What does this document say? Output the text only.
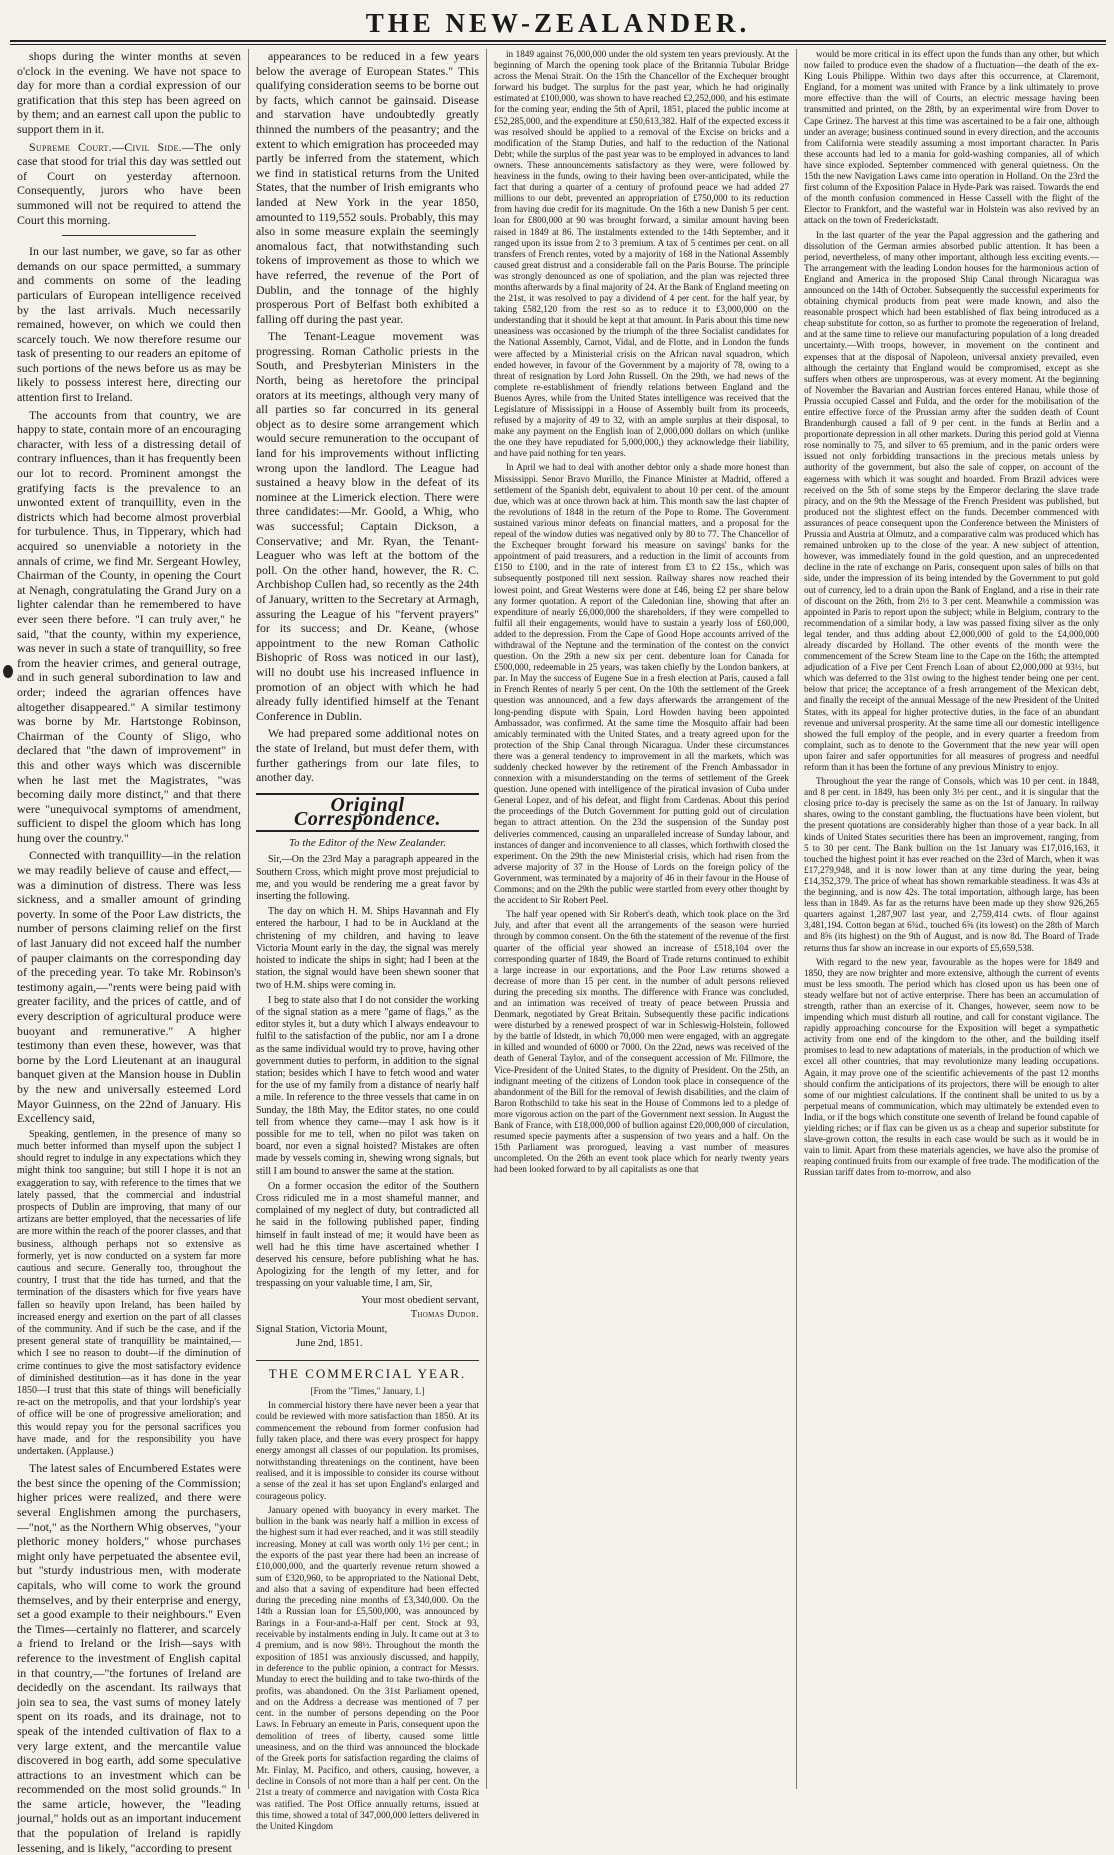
THE NEW-ZEALANDER.

shops during the winter months at seven o'clock in the evening. We have not space to day for more than a cordial expression of our gratification that this step has been agreed on by them; and an earnest call upon the public to support them in it.

Supreme Court.—Civil Side.—The only case that stood for trial this day was settled out of Court on yesterday afternoon. Consequently, jurors who have been summoned will not be required to attend the Court this morning.

In our last number, we gave, so far as other demands on our space permitted, a summary and comments on some of the leading particulars of European intelligence received by the last arrivals. Much necessarily remained, however, on which we could then scarcely touch. We now therefore resume our task of presenting to our readers an epitome of such portions of the news before us as may be likely to possess interest here, directing our attention first to Ireland.

The accounts from that country, we are happy to state, contain more of an encouraging character, with less of a distressing detail of contrary influences, than it has frequently been our lot to record. Prominent amongst the gratifying facts is the prevalence to an unwonted extent of tranquillity, even in the districts which had become almost proverbial for turbulence. Thus, in Tipperary, which had acquired so unenviable a notoriety in the annals of crime, we find Mr. Sergeant Howley, Chairman of the County, in opening the Court at Nenagh, congratulating the Grand Jury on a lighter calendar than he remembered to have ever seen there before. "I can truly aver," he said, "that the county, within my experience, was never in such a state of tranquillity, so free from the heavier crimes, and general outrage, and in such general subordination to law and order; indeed the agrarian offences have altogether disappeared." A similar testimony was borne by Mr. Hartstonge Robinson, Chairman of the County of Sligo, who declared that "the dawn of improvement" in this and other ways which was discernible when he last met the Magistrates, "was becoming daily more distinct," and that there were "unequivocal symptoms of amendment, sufficient to dispel the gloom which has long hung over the country."

Connected with tranquillity—in the relation we may readily believe of cause and effect,—was a diminution of distress. There was less sickness, and a smaller amount of grinding poverty. In some of the Poor Law districts, the number of persons claiming relief on the first of last January did not exceed half the number of pauper claimants on the corresponding day of the preceding year. To take Mr. Robinson's testimony again,—"rents were being paid with greater facility, and the prices of cattle, and of every description of agricultural produce were buoyant and remunerative." A higher testimony than even these, however, was that borne by the Lord Lieutenant at an inaugural banquet given at the Mansion house in Dublin by the new and universally esteemed Lord Mayor Guinness, on the 22nd of January. His Excellency said,

Speaking, gentlemen, in the presence of many so much better informed than myself upon the subject I should regret to indulge in any expectations which they might think too sanguine; but still I hope it is not an exaggeration to say, with reference to the times that we lately passed, that the commercial and industrial prospects of Dublin are improving, that many of our artizans are better employed, that the necessaries of life are more within the reach of the poorer classes, and that business, although perhaps not so extensive as formerly, yet is now conducted on a system far more cautious and secure. Generally too, throughout the country, I trust that the tide has turned, and that the termination of the disasters which for five years have fallen so heavily upon Ireland, has been hailed by increased energy and exertion on the part of all classes of the community. And if such be the case, and if the present general state of tranquillity be maintained,—which I see no reason to doubt—if the diminution of crime continues to give the most satisfactory evidence of diminished destitution—as it has done in the year 1850—I trust that this state of things will beneficially re-act on the metropolis, and that your lordship's year of office will be one of progressive amelioration; and this would repay you for the personal sacrifices you have made, and for the responsibility you have undertaken. (Applause.)

The latest sales of Encumbered Estates were the best since the opening of the Commission; higher prices were realized, and there were several Englishmen among the purchasers,—"not," as the Northern Whig observes, "your plethoric money holders," whose purchases might only have perpetuated the absentee evil, but "sturdy industrious men, with moderate capitals, who will come to work the ground themselves, and by their enterprise and energy, set a good example to their neighbours." Even the Times—certainly no flatterer, and scarcely a friend to Ireland or the Irish—says with reference to the investment of English capital in that country,—"the fortunes of Ireland are decidedly on the ascendant. Its railways that join sea to sea, the vast sums of money lately spent on its roads, and its drainage, not to speak of the intended cultivation of flax to a very large extent, and the mercantile value discovered in bog earth, add some speculative attractions to an investment which can be recommended on the most solid grounds." In the same article, however, the "leading journal," holds out as an important inducement that the population of Ireland is rapidly lessening, and is likely, "according to present

appearances to be reduced in a few years below the average of European States." This qualifying consideration seems to be borne out by facts, which cannot be gainsaid. Disease and starvation have undoubtedly greatly thinned the numbers of the peasantry; and the extent to which emigration has proceeded may partly be inferred from the statement, which we find in statistical returns from the United States, that the number of Irish emigrants who landed at New York in the year 1850, amounted to 119,552 souls. Probably, this may also in some measure explain the seemingly anomalous fact, that notwithstanding such tokens of improvement as those to which we have referred, the revenue of the Port of Dublin, and the tonnage of the highly prosperous Port of Belfast both exhibited a falling off during the past year.

The Tenant-League movement was progressing. Roman Catholic priests in the South, and Presbyterian Ministers in the North, being as heretofore the principal orators at its meetings, although very many of all parties so far concurred in its general object as to desire some arrangement which would secure remuneration to the occupant of land for his improvements without inflicting wrong upon the landlord. The League had sustained a heavy blow in the defeat of its nominee at the Limerick election. There were three candidates:—Mr. Goold, a Whig, who was successful; Captain Dickson, a Conservative; and Mr. Ryan, the Tenant-Leaguer who was left at the bottom of the poll. On the other hand, however, the R. C. Archbishop Cullen had, so recently as the 24th of January, written to the Secretary at Armagh, assuring the League of his "fervent prayers" for its success; and Dr. Keane, (whose appointment to the new Roman Catholic Bishopric of Ross was noticed in our last), will no doubt use his increased influence in promotion of an object with which he had already fully identified himself at the Tenant Conference in Dublin.

We had prepared some additional notes on the state of Ireland, but must defer them, with further gatherings from our late files, to another day.

Original Correspondence.

To the Editor of the New Zealander.

Sir,—On the 23rd May a paragraph appeared in the Southern Cross, which might prove most prejudicial to me, and you would be rendering me a great favor by inserting the following.

The day on which H. M. Ships Havannah and Fly entered the harbour, I had to be in Auckland at the christening of my children, and having to leave Victoria Mount early in the day, the signal was merely hoisted to indicate the ships in sight; had I been at the station, the signal would have been shewn sooner that two of H.M. ships were coming in.

I beg to state also that I do not consider the working of the signal station as a mere "game of flags," as the editor styles it, but a duty which I always endeavour to fulfil to the satisfaction of the public, nor am I a drone as the same individual would try to prove, having other government duties to perform, in addition to the signal station; besides which I have to fetch wood and water for the use of my family from a distance of nearly half a mile. In reference to the three vessels that came in on Sunday, the 18th May, the Editor states, no one could tell from whence they came—may I ask how is it possible for me to tell, when no pilot was taken on board, nor even a signal hoisted? Mistakes are often made by vessels coming in, shewing wrong signals, but still I am bound to answer the same at the station.

On a former occasion the editor of the Southern Cross ridiculed me in a most shameful manner, and complained of my neglect of duty, but contradicted all he said in the following published paper, finding himself in fault instead of me; it would have been as well had he this time have ascertained whether I deserved his censure, before publishing what he has. Apologizing for the length of my letter, and for trespassing on your valuable time, I am, Sir,

Your most obedient servant,

Thomas Dudor.

Signal Station, Victoria Mount,

June 2nd, 1851.

THE COMMERCIAL YEAR.

[From the "Times," January, 1.]

In commercial history there have never been a year that could be reviewed with more satisfaction than 1850. At its commencement the rebound from former confusion had fully taken place, and there was every prospect for happy energy amongst all classes of our population. Its promises, notwithstanding threatenings on the continent, have been realised, and it is impossible to consider its course without a sense of the zeal it has set upon England's enlarged and courageous policy.

January opened with buoyancy in every market. The bullion in the bank was nearly half a million in excess of the highest sum it had ever reached, and it was still steadily increasing. Money at call was worth only 1½ per cent.; in the exports of the past year there had been an increase of £10,000,000, and the quarterly revenue return showed a sum of £320,960, to be appropriated to the National Debt, and also that a saving of expenditure had been effected during the preceding nine months of £3,340,000. On the 14th a Russian loan for £5,500,000, was announced by Barings in a Four-and-a-Half per cent. Stock at 93, receivable by instalments ending in July. It came out at 3 to 4 premium, and is now 98½. Throughout the month the exposition of 1851 was anxiously discussed, and happily, in deference to the public opinion, a contract for Messrs. Munday to erect the building and to take two-thirds of the profits, was abandoned. On the 31st Parliament opened, and on the Address a decrease was mentioned of 7 per cent. in the number of persons depending on the Poor Laws. In February an emeute in Paris, consequent upon the demolition of trees of liberty, caused some little uneasiness, and on the third was announced the blockade of the Greek ports for satisfaction regarding the claims of Mr. Finlay, M. Pacifico, and others, causing, however, a decline in Consols of not more than a half per cent. On the 21st a treaty of commerce and navigation with Costa Rica was ratified. The Post Office annually returns, issued at this time, showed a total of 347,000,000 letters delivered in the United Kingdom

in 1849 against 76,000,000 under the old system ten years previously. At the beginning of March the opening took place of the Britannia Tubular Bridge across the Menai Strait. On the 15th the Chancellor of the Exchequer brought forward his budget. The surplus for the past year, which he had originally estimated at £100,000, was shown to have reached £2,252,000, and his estimate for the coming year, ending the 5th of April, 1851, placed the public income at £52,285,000, and the expenditure at £50,613,382. Half of the expected excess it was resolved should be applied to a removal of the Excise on bricks and a modification of the Stamp Duties, and half to the reduction of the National Debt; while the surplus of the past year was to be employed in advances to land owners. These announcements satisfactory as they were, were followed by heaviness in the funds, owing to their having been over-anticipated, while the fact that during a quarter of a century of profound peace we had added 27 millions to our debt, prevented an appropriation of £750,000 to its reduction from having due credit for its magnitude. On the 16th a new Danish 5 per cent. loan for £800,000 at 90 was brought forward, a similar amount having been raised in 1849 at 86. The instalments extended to the 14th September, and it ranged upon its issue from 2 to 3 premium. A tax of 5 centimes per cent. on all transfers of French rentes, voted by a majority of 168 in the National Assembly caused great distrust and a considerable fall on the Paris Bourse. The principle was strongly denounced as one of spoliation, and the plan was rejected three months afterwards by a final majority of 24. At the Bank of England meeting on the 21st, it was resolved to pay a dividend of 4 per cent. for the half year, by taking £582,120 from the rest so as to reduce it to £3,000,000 on the understanding that it should be kept at that amount. In Paris about this time new uneasiness was occasioned by the triumph of the three Socialist candidates for the National Assembly, Carnot, Vidal, and de Flotte, and in London the funds were affected by a Ministerial crisis on the African naval squadron, which ended however, in favour of the Government by a majority of 78, owing to a threat of resignation by Lord John Russell. On the 29th, we had news of the complete re-establishment of friendly relations between England and the Buenos Ayres, while from the United States intelligence was received that the Legislature of Mississippi in a House of Assembly built from its proceeds, refused by a majority of 49 to 32, with an ample surplus at their disposal, to make any payment on the English loan of 2,000,000 dollars on which (unlike the one they have repudiated for 5,000,000,) they acknowledge their liability, and have paid nothing for ten years.

In April we had to deal with another debtor only a shade more honest than Mississippi. Senor Bravo Murillo, the Finance Minister at Madrid, offered a settlement of the Spanish debt, equivalent to about 10 per cent. of the amount due, which was at once thrown back at him. This month saw the last chapter of the revolutions of 1848 in the return of the Pope to Rome. The Government sustained various minor defeats on financial matters, and a proposal for the repeal of the window duties was negatived only by 80 to 77. The Chancellor of the Exchequer brought forward his measure on savings' banks for the appointment of paid treasurers, and a reduction in the limit of accounts from £150 to £100, and in the rate of interest from £3 to £2 15s., which was subsequently postponed till next session. Railway shares now reached their lowest point, and Great Westerns were done at £46, being £2 per share below any former quotation. A report of the Caledonian line, showing that after an expenditure of nearly £6,000,000 the shareholders, if they were compelled to fulfil all their engagements, would have to sustain a yearly loss of £60,000, added to the depression. From the Cape of Good Hope accounts arrived of the withdrawal of the Neptune and the termination of the contest on the convict question. On the 29th a new six per cent. debenture loan for Canada for £500,000, redeemable in 25 years, was taken chiefly by the London bankers, at par. In May the success of Eugene Sue in a fresh election at Paris, caused a fall in French Rentes of nearly 5 per cent. On the 10th the settlement of the Greek question was announced, and a few days afterwards the arrangement of the long-pending dispute with Spain, Lord Howden having been appointed Ambassador, was confirmed. At the same time the Mosquito affair had been amicably terminated with the United States, and a treaty agreed upon for the protection of the Ship Canal through Nicaragua. Under these circumstances there was a general tendency to improvement in all the markets, which was suddenly checked however by the retirement of the French Ambassador in connexion with a misunderstanding on the terms of settlement of the Greek question. June opened with intelligence of the piratical invasion of Cuba under General Lopez, and of his defeat, and flight from Cardenas. About this period the proceedings of the Dutch Government for putting gold out of circulation began to attract attention. On the 23d the suspension of the Sunday post deliveries commenced, causing an unparalleled increase of Sunday labour, and instances of danger and inconvenience to all classes, which forthwith closed the experiment. On the 29th the new Ministerial crisis, which had risen from the adverse majority of 37 in the House of Lords on the foreign policy of the Government, was terminated by a majority of 46 in their favour in the House of Commons; and on the 29th the public were startled from every other thought by the accident to Sir Robert Peel.

The half year opened with Sir Robert's death, which took place on the 3rd July, and after that event all the arrangements of the season were hurried through by common consent. On the 6th the statement of the revenue of the first quarter of the official year showed an increase of £518,104 over the corresponding quarter of 1849, the Board of Trade returns continued to exhibit a large increase in our exportations, and the Poor Law returns showed a decrease of more than 15 per cent. in the number of adult persons relieved during the preceding six months. The difference with France was concluded, and an intimation was received of treaty of peace between Prussia and Denmark, negotiated by Great Britain. Subsequently these pacific indications were disturbed by a renewed prospect of war in Schleswig-Holstein, followed by the battle of Idstedt, in which 70,000 men were engaged, with an aggregate in killed and wounded of 6000 or 7000. On the 22nd, news was received of the death of General Taylor, and of the consequent accession of Mr. Fillmore, the Vice-President of the United States, to the dignity of President. On the 25th, an indignant meeting of the citizens of London took place in consequence of the abandonment of the Bill for the removal of Jewish disabilities, and the claim of Baron Rothschild to take his seat in the House of Commons led to a pledge of more vigorous action on the part of the Government next session. In August the Bank of France, with £18,000,000 of bullion against £20,000,000 of circulation, resumed specie payments after a suspension of two years and a half. On the 15th Parliament was prorogued, leaving a vast number of measures uncompleted. On the 26th an event took place which for nearly twenty years had been looked forward to by all capitalists as one that

would be more critical in its effect upon the funds than any other, but which now failed to produce even the shadow of a fluctuation—the death of the ex-King Louis Philippe. Within two days after this occurrence, at Claremont, England, for a moment was united with France by a link ultimately to prove more effective than the will of Courts, an electric message having been transmitted and printed, on the 28th, by an experimental wire from Dover to Cape Grinez. The harvest at this time was ascertained to be a fair one, although under an average; business continued sound in every direction, and the accounts from California were steadily assuming a most important character. In Paris these accounts had led to a mania for gold-washing companies, all of which have since exploded. September commenced with general quietness. On the 15th the new Navigation Laws came into operation in Holland. On the 23rd the first column of the Exposition Palace in Hyde-Park was raised. Towards the end of the month confusion commenced in Hesse Cassell with the flight of the Elector to Frankfort, and the wasteful war in Holstein was also revived by an attack on the town of Frederickstadt.

In the last quarter of the year the Papal aggression and the gathering and dissolution of the German armies absorbed public attention. It has been a period, nevertheless, of many other important, although less exciting events.—The arrangement with the leading London houses for the harmonious action of England and America in the proposed Ship Canal through Nicaragua was announced on the 14th of October. Subsequently the successful experiments for obtaining chymical products from peat were made known, and also the reasonable prospect which had been established of flax being introduced as a cheap substitute for cotton, so as further to promote the regeneration of Ireland, and at the same time to relieve our manufacturing population of a long dreaded uncertainty.—With troops, however, in movement on the continent and expenses that at the disposal of Napoleon, universal anxiety prevailed, even although the certainty that England would be compromised, except as she suffers when others are unprosperous, was at every moment. At the beginning of November the Bavarian and Austrian forces entered Hanau, while those of Prussia occupied Cassel and Fulda, and the order for the mobilisation of the entire effective force of the Prussian army after the sudden death of Count Brandenburgh caused a fall of 9 per cent. in the funds at Berlin and a proportionate depression in all other markets. During this period gold at Vienna rose nominally to 75, and silver to 65 premium, and in the panic orders were issued not only forbidding transactions in the precious metals unless by authority of the government, but also the sale of copper, on account of the eagerness with which it was sought and hoarded. From Brazil advices were received on the 5th of some steps by the Emperor declaring the slave trade piracy, and on the 9th the Message of the French President was published, but produced not the slightest effect on the funds. December commenced with assurances of peace consequent upon the Conference between the Ministers of Prussia and Austria at Olmutz, and a comparative calm was produced which has remained unbroken up to the close of the year. A new subject of attention, however, was immediately found in the gold question, and an unprecedented decline in the rate of exchange on Paris, consequent upon sales of bills on that side, under the impression of its being intended by the Government to put gold out of currency, led to a drain upon the Bank of England, and a rise in their rate of discount on the 26th, from 2½ to 3 per cent. Meanwhile a commission was appointed in Paris to report upon the subject; while in Belgium, contrary to the recommendation of a similar body, a law was passed fixing silver as the only legal tender, and thus adding about £2,000,000 of gold to the £4,000,000 already discarded by Holland. The other events of the month were the commencement of the Screw Steam line to the Cape on the 16th; the attempted adjudication of a Five per Cent French Loan of about £2,000,000 at 93½, but which was deferred to the 31st owing to the highest tender being one per cent. below that price; the acceptance of a fresh arrangement of the Mexican debt, and finally the receipt of the annual Message of the new President of the United States, with its appeal for higher protective duties, in the face of an abundant revenue and universal prosperity. At the same time all our domestic intelligence showed the full employ of the people, and in every quarter a freedom from complaint, such as to denote to the Government that the new year will open upon fairer and safer opportunities for all measures of progress and needful reform than it has been the fortune of any previous Ministry to enjoy.

Throughout the year the range of Consols, which was 10 per cent. in 1848, and 8 per cent. in 1849, has been only 3½ per cent., and it is singular that the closing price to-day is precisely the same as on the 1st of January. In railway shares, owing to the constant gambling, the fluctuations have been violent, but the present quotations are considerably higher than those of a year back. In all kinds of United States securities there has been an improvement, ranging, from 5 to 30 per cent. The Bank bullion on the 1st January was £17,016,163, it touched the highest point it has ever reached on the 23rd of March, when it was £17,279,948, and it is now lower than at any time during the year, being £14,352,379. The price of wheat has shown remarkable steadiness. It was 43s at the beginning, and is now 42s. The total importation, although large, has been less than in 1849. As far as the returns have been made up they show 926,265 quarters against 1,287,907 last year, and 2,759,414 cwts. of flour against 3,481,194. Cotton began at 6¾d., touched 6⅝ (its lowest) on the 28th of March and 8⅝ (its highest) on the 9th of August, and is now 8d. The Board of Trade returns thus far show an increase in our exports of £5,659,538.

With regard to the new year, favourable as the hopes were for 1849 and 1850, they are now brighter and more extensive, although the current of events must be less smooth. The period which has closed upon us has been one of steady welfare but not of active enterprise. There has been an accumulation of strength, rather than an exercise of it. Changes, however, seem now to be impending which must disturb all routine, and call for constant vigilance. The rapidly approaching concourse for the Exposition will beget a sympathetic activity from one end of the kingdom to the other, and the building itself promises to lead to new adaptations of materials, in the production of which we excel all other countries, that may revolutionize many leading occupations. Again, it may prove one of the scientific achievements of the past 12 months should confirm the anticipations of its projectors, there will be enough to alter some of our mightiest calculations. If the continent shall be united to us by a perpetual means of communication, which may ultimately be extended even to India, or if the bogs which constitute one seventh of Ireland be found capable of yielding riches; or if flax can be given us as a cheap and superior substitute for slave-grown cotton, the results in each case would be such as it would be in vain to limit. Apart from these materials agencies, we have also the promise of reaping continued fruits from our example of free trade. The modification of the Russian tariff dates from to-morrow, and also
